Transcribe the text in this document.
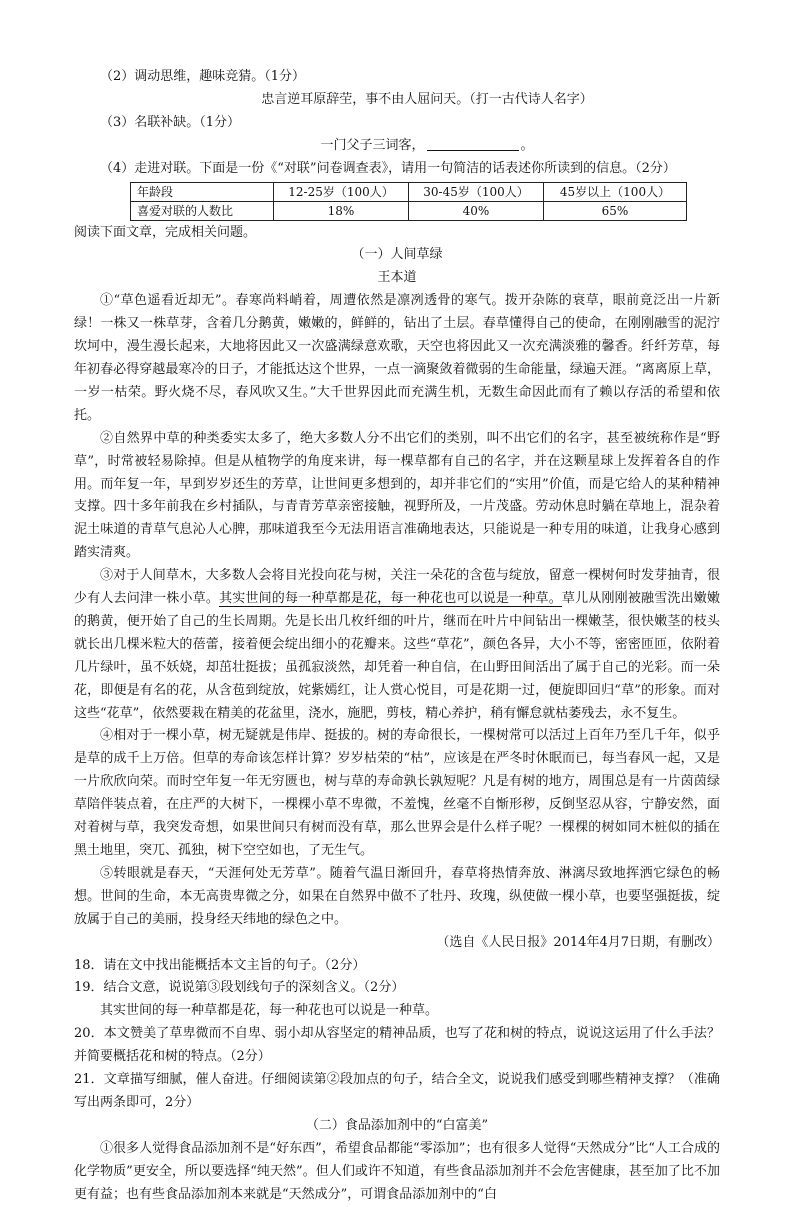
（2）调动思维，趣味竞猜。（1分）
忠言逆耳原辞茔，事不由人屈问天。（打一古代诗人名字）
（3）名联补缺。（1分）
一门父子三词客，	。
（4）走进对联。下面是一份《“对联”问卷调查表》，请用一句简洁的话表述你所读到的信息。（2分）
年龄段	12-25岁（100人）	30-45岁（100人）	45岁以上（100人）
喜爱对联的人数比	18%	40%	65%
阅读下面文章，完成相关问题。
（一）人间草绿
王本道
①“草色遥看近却无”。春寒尚料峭着，周遭依然是凛冽透骨的寒气。拨开杂陈的衰草，眼前竟泛出一片新绿！一株又一株草芽，含着几分鹅黄，嫩嫩的，鲜鲜的，钻出了土层。春草懂得自己的使命，在刚刚融雪的泥泞坎坷中，漫生漫长起来，大地将因此又一次盛满绿意欢歌，天空也将因此又一次充满淡雅的馨香。纤纤芳草，每年初春必得穿越最寒冷的日子，才能抵达这个世界，一点一滴聚敛着微弱的生命能量，绿遍天涯。“离离原上草，一岁一枯荣。野火烧不尽，春风吹又生。”大千世界因此而充满生机，无数生命因此而有了赖以存活的希望和依托。
②自然界中草的种类委实太多了，绝大多数人分不出它们的类别，叫不出它们的名字，甚至被统称作是“野草”，时常被轻易除掉。但是从植物学的角度来讲，每一棵草都有自己的名字，并在这颗星球上发挥着各自的作用。而年复一年，早到岁岁还生的芳草，让世间更多想到的，却并非它们的“实用”价值，而是它给人的某种精神支撑。四十多年前我在乡村插队，与青青芳草亲密接触，视野所及，一片茂盛。劳动休息时躺在草地上，混杂着泥土味道的青草气息沁人心脾，那味道我至今无法用语言准确地表达，只能说是一种专用的味道，让我身心感到踏实清爽。
③对于人间草木，大多数人会将目光投向花与树，关注一朵花的含苞与绽放，留意一棵树何时发芽抽青，很少有人去问津一株小草。其实世间的每一种草都是花，每一种花也可以说是一种草。草儿从刚刚被融雪洗出嫩嫩的鹅黄，便开始了自己的生长周期。先是长出几枚纤细的叶片，继而在叶片中间钻出一棵嫩茎，很快嫩茎的枝头就长出几棵米粒大的蓓蕾，接着便会绽出细小的花瓣来。这些“草花”，颜色各异，大小不等，密密匝匝，依附着几片绿叶，虽不妖娆，却茁壮挺拔；虽孤寂淡然，却凭着一种自信，在山野田间活出了属于自己的光彩。而一朵花，即便是有名的花，从含苞到绽放，姹紫嫣红，让人赏心悦目，可是花期一过，便旋即回归“草”的形象。而对这些“花草”，依然要栽在精美的花盆里，浇水，施肥，剪枝，精心养护，稍有懈怠就枯萎残去，永不复生。
④相对于一棵小草，树无疑就是伟岸、挺拔的。树的寿命很长，一棵树常可以活过上百年乃至几千年，似乎是草的成千上万倍。但草的寿命该怎样计算？岁岁枯荣的“枯”，应该是在严冬时休眠而已，每当春风一起，又是一片欣欣向荣。而时空年复一年无穷匮也，树与草的寿命孰长孰短呢？凡是有树的地方，周围总是有一片茵茵绿草陪伴装点着，在庄严的大树下，一棵棵小草不卑微，不羞愧，丝毫不自惭形秽，反倒坚忍从容，宁静安然，面对着树与草，我突发奇想，如果世间只有树而没有草，那么世界会是什么样子呢？一棵棵的树如同木桩似的插在黑土地里，突兀、孤独，树下空空如也，了无生气。
⑤转眼就是春天，“天涯何处无芳草”。随着气温日渐回升，春草将热情奔放、淋漓尽致地挥洒它绿色的畅想。世间的生命，本无高贵卑微之分，如果在自然界中做不了牡丹、玫瑰，纵使做一棵小草，也要坚强挺拔，绽放属于自己的美丽，投身经天纬地的绿色之中。
（选自《人民日报》2014年4月7日期，有删改）
18．请在文中找出能概括本文主旨的句子。（2分）
19．结合文意，说说第③段划线句子的深刻含义。（2分）
其实世间的每一种草都是花，每一种花也可以说是一种草。
20．本文赞美了草卑微而不自卑、弱小却从容坚定的精神品质，也写了花和树的特点，说说这运用了什么手法？并简要概括花和树的特点。（2分）
21．文章描写细腻，催人奋进。仔细阅读第②段加点的句子，结合全文，说说我们感受到哪些精神支撑？（准确写出两条即可，2分）
（二）食品添加剂中的“白富美”
①很多人觉得食品添加剂不是“好东西”，希望食品都能“零添加”；也有很多人觉得“天然成分”比“人工合成的化学物质”更安全，所以要选择“纯天然”。但人们或许不知道，有些食品添加剂并不会危害健康，甚至加了比不加更有益；也有些食品添加剂本来就是“天然成分”，可谓食品添加剂中的“白
